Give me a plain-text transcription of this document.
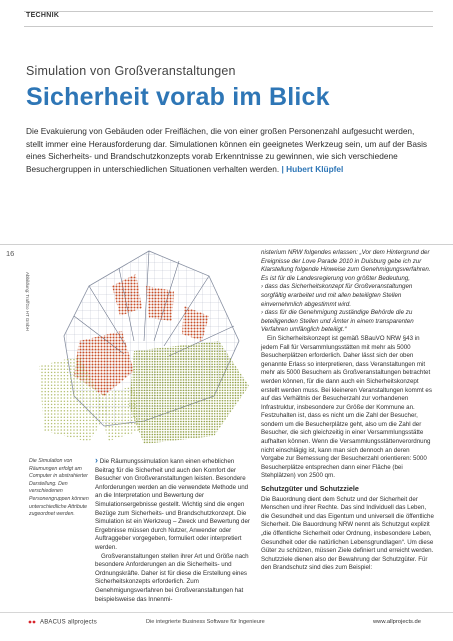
TECHNIK
Simulation von Großveranstaltungen
Sicherheit vorab im Blick
Die Evakuierung von Gebäuden oder Freiflächen, die von einer großen Personenzahl aufgesucht werden, stellt immer eine Herausforderung dar. Simulationen können ein geeignetes Werkzeug sein, um auf der Basis eines Sicherheits- und Brandschutzkonzepts vorab Erkenntnisse zu gewinnen, wie sich verschiedene Besuchergruppen in unterschiedlichen Situationen verhalten werden. | Hubert Klüpfel
16
Abbildung: TraffGo HT GmbH
Die Simulation von Räumungen erfolgt am Computer in abstrahierter Darstellung. Den verschiedenen Personengruppen können unterschiedliche Attribute zugeordnet werden.

› Die Räumungssimulation kann einen erheblichen Beitrag für die Sicherheit und auch den Komfort der Besucher von Großveranstaltungen leisten. Besondere Anforderungen werden an die verwendete Methode und an die Interpretation und Bewertung der Simulationsergebnisse gestellt. Wichtig sind die engen Bezüge zum Sicherheits- und Brandschutzkonzept. Die Simulation ist ein Werkzeug – Zweck und Bewertung der Ergebnisse müssen durch Nutzer, Anwender oder Auftraggeber vorgegeben, formuliert oder interpretiert werden.

Großveranstaltungen stellen ihrer Art und Größe nach besondere Anforderungen an die Sicherheits- und Ordnungskräfte. Daher ist für diese die Erstellung eines Sicherheitskonzepts erforderlich. Zum Genehmigungsverfahren bei Großveranstaltungen hat beispielsweise das Innenmi-

nisterium NRW folgendes erlassen: „Vor dem Hintergrund der Ereignisse der Love Parade 2010 in Duisburg gebe ich zur Klarstellung folgende Hinweise zum Genehmigungsverfahren. Es ist für die Landesregierung von größter Bedeutung,

› dass das Sicherheitskonzept für Großveranstaltungen sorgfältig erarbeitet und mit allen beteiligten Stellen einvernehmlich abgestimmt wird.

› dass für die Genehmigung zuständige Behörde die zu beteiligenden Stellen und Ämter in einem transparenten Verfahren umfänglich beteiligt.“

Ein Sicherheitskonzept ist gemäß SBauVO NRW §43 in jedem Fall für Versammlungsstätten mit mehr als 5000 Besucherplätzen erforderlich. Daher lässt sich der oben genannte Erlass so interpretieren, dass Veranstaltungen mit mehr als 5000 Besuchern als Großveranstaltungen betrachtet werden können, für die dann auch ein Sicherheitskonzept erstellt werden muss. Bei kleineren Veranstaltungen kommt es auf das Verhältnis der Besucherzahl zur vorhandenen Infrastruktur, insbesondere zur Größe der Kommune an. Festzuhalten ist, dass es nicht um die Zahl der Besucher, sondern um die Besucherplätze geht, also um die Zahl der Besucher, die sich gleichzeitig in einer Versammlungsstätte aufhalten können. Wenn die Versammlungsstättenverordnung nicht einschlägig ist, kann man sich dennoch an deren Vorgabe zur Bemessung der Besucherzahl orientieren: 5000 Besucherplätze entsprechen dann einer Fläche (bei Stehplätzen) von 2500 qm.

Schutzgüter und Schutzziele

Die Bauordnung dient dem Schutz und der Sicherheit der Menschen und ihrer Rechte. Das sind Individuell das Leben, die Gesundheit und das Eigentum und universell die öffentliche Sicherheit. Die Bauordnung NRW nennt als Schutzgut explizit „die öffentliche Sicherheit oder Ordnung, insbesondere Leben, Gesundheit oder die natürlichen Lebensgrundlagen“. Um diese Güter zu schützen, müssen Ziele definiert und erreicht werden. Schutzziele dienen also der Bewahrung der Schutzgüter. Für den Brandschutz sind dies zum Beispiel:

ABACUS allprojects	Die integrierte Business Software für Ingenieure	www.allprojects.de
